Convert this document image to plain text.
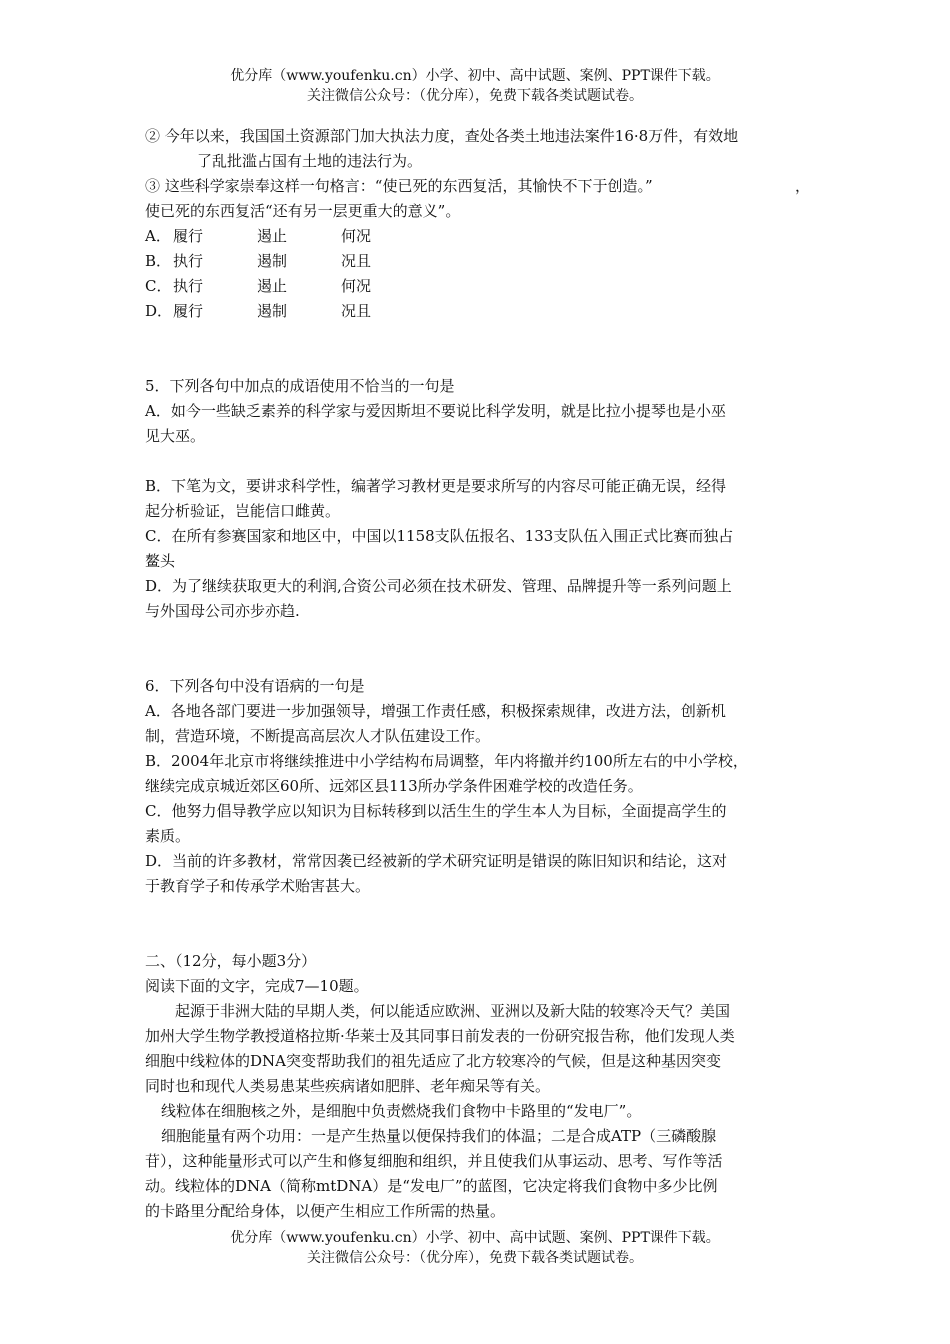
优分库（www.youfenku.cn）小学、初中、高中试题、案例、PPT课件下载。
关注微信公众号：（优分库），免费下载各类试题试卷。

② 今年以来，我国国土资源部门加大执法力度，查处各类土地违法案件16·8万件，有效地

了乱批滥占国有土地的违法行为。

③ 这些科学家崇奉这样一句格言：“使已死的东西复活，其愉快不下于创造。”	，

使已死的东西复活“还有另一层更重大的意义”。

A． 履行	遏止	何况
B． 执行	遏制	况且
C． 执行	遏止	何况
D． 履行	遏制	况且

5．下列各句中加点的成语使用不恰当的一句是

A．如今一些缺乏素养的科学家与爱因斯坦不要说比科学发明，就是比拉小提琴也是小巫

见大巫。

B．下笔为文，要讲求科学性，编著学习教材更是要求所写的内容尽可能正确无误，经得

起分析验证，岂能信口雌黄。

C．在所有参赛国家和地区中，中国以1158支队伍报名、133支队伍入围正式比赛而独占

鳌头

D．为了继续获取更大的利润,合资公司必须在技术研发、管理、品牌提升等一系列问题上

与外国母公司亦步亦趋.

6．下列各句中没有语病的一句是

A．各地各部门要进一步加强领导，增强工作责任感，积极探索规律，改进方法，创新机

制，营造环境，不断提高高层次人才队伍建设工作。

B．2004年北京市将继续推进中小学结构布局调整，年内将撤并约100所左右的中小学校，

继续完成京城近郊区60所、远郊区县113所办学条件困难学校的改造任务。

C．他努力倡导教学应以知识为目标转移到以活生生的学生本人为目标，全面提高学生的

素质。

D．当前的许多教材，常常因袭已经被新的学术研究证明是错误的陈旧知识和结论，这对

于教育学子和传承学术贻害甚大。

二、（12分，每小题3分）

阅读下面的文字，完成7—10题。

起源于非洲大陆的早期人类，何以能适应欧洲、亚洲以及新大陆的较寒冷天气？美国

加州大学生物学教授道格拉斯·华莱士及其同事日前发表的一份研究报告称，他们发现人类

细胞中线粒体的DNA突变帮助我们的祖先适应了北方较寒冷的气候，但是这种基因突变

同时也和现代人类易患某些疾病诸如肥胖、老年痴呆等有关。

线粒体在细胞核之外，是细胞中负责燃烧我们食物中卡路里的“发电厂”。

细胞能量有两个功用：一是产生热量以便保持我们的体温；二是合成ATP（三磷酸腺

苷），这种能量形式可以产生和修复细胞和组织，并且使我们从事运动、思考、写作等活

动。线粒体的DNA（简称mtDNA）是“发电厂”的蓝图，它决定将我们食物中多少比例

的卡路里分配给身体，以便产生相应工作所需的热量。

优分库（www.youfenku.cn）小学、初中、高中试题、案例、PPT课件下载。
关注微信公众号：（优分库），免费下载各类试题试卷。
